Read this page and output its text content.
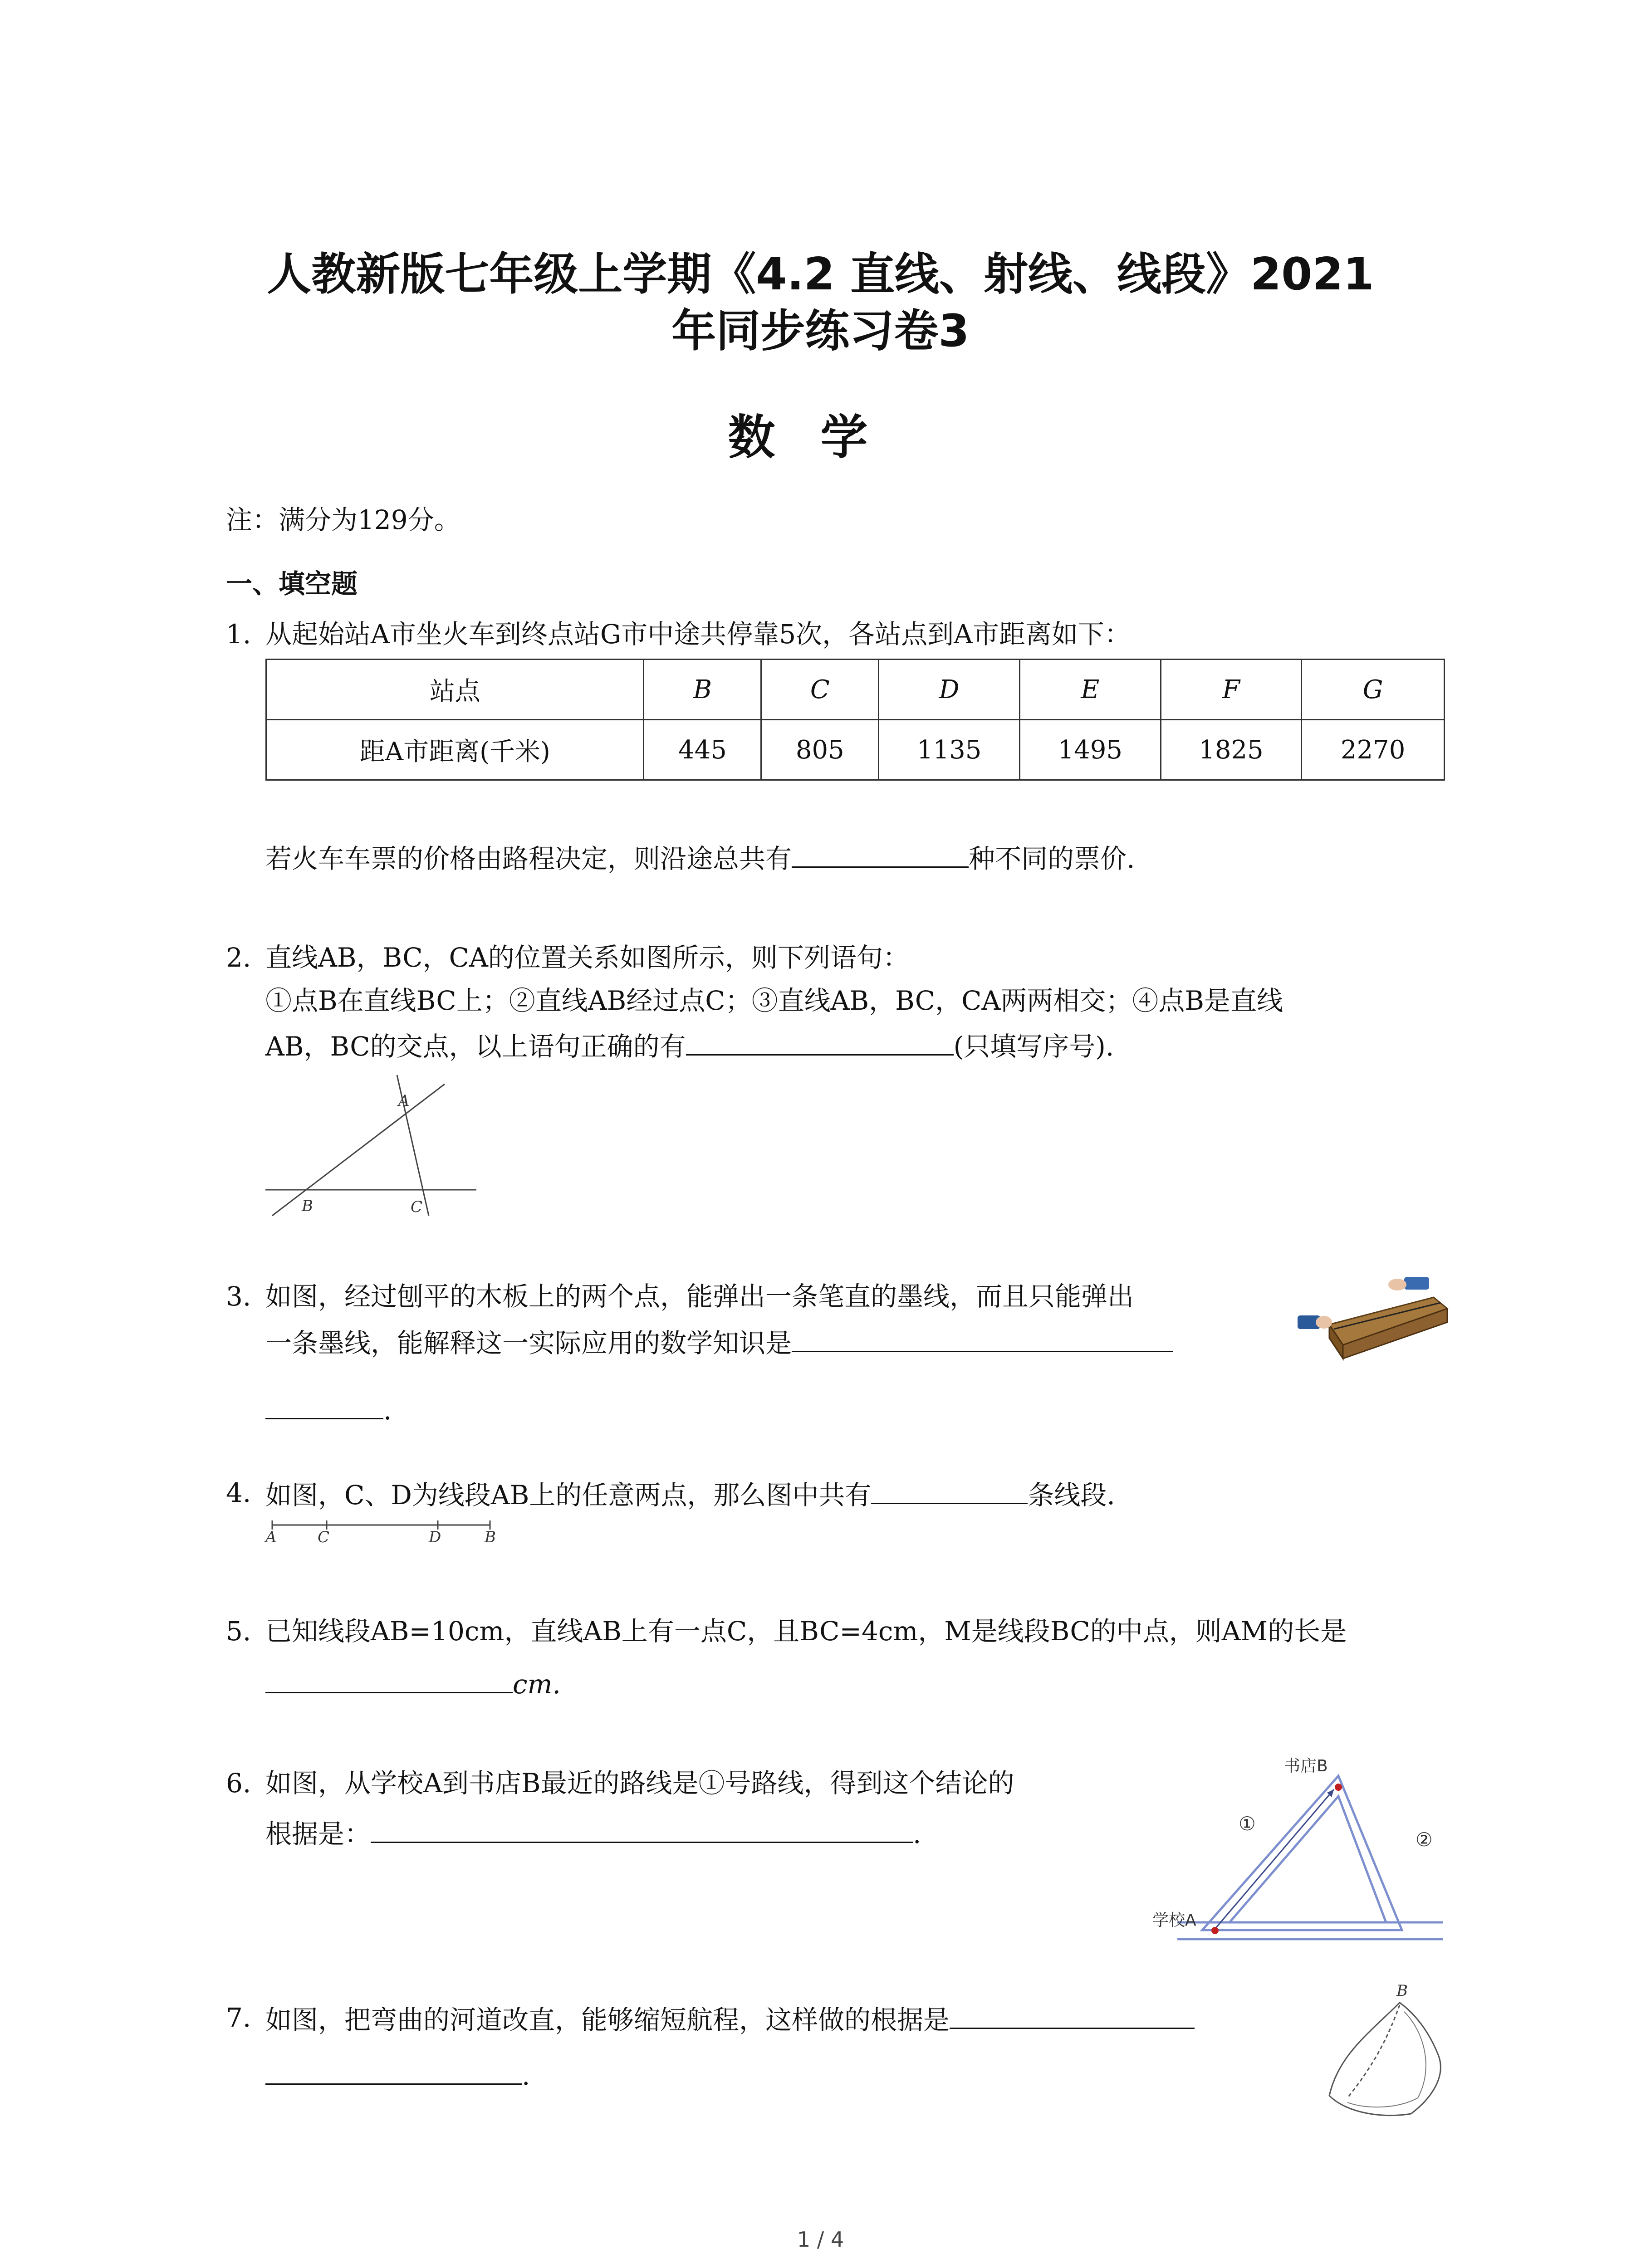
人教新版七年级上学期《4.2 直线、射线、线段》2021
年同步练习卷3
数学
注：满分为129分。
一、填空题
1. 从起始站A市坐火车到终点站G市中途共停靠5次，各站点到A市距离如下：
站点	B	C	D	E	F	G
距A市距离(千米)	445	805	1135	1495	1825	2270
若火车车票的价格由路程决定，则沿途总共有	种不同的票价.
2. 直线AB，BC，CA的位置关系如图所示，则下列语句：
①点B在直线BC上；②直线AB经过点C；③直线AB，BC，CA两两相交；④点B是直线
AB，BC的交点，以上语句正确的有	(只填写序号).
A
B	C
3. 如图，经过刨平的木板上的两个点，能弹出一条笔直的墨线，而且只能弹出
一条墨线，能解释这一实际应用的数学知识是
.
4. 如图，C、D为线段AB上的任意两点，那么图中共有	条线段.
A	C	D	B
5. 已知线段AB=10cm，直线AB上有一点C，且BC=4cm，M是线段BC的中点，则AM的长是
cm.
6. 如图，从学校A到书店B最近的路线是①号路线，得到这个结论的
根据是：	.
书店B
学校A
①
②
7. 如图，把弯曲的河道改直，能够缩短航程，这样做的根据是
.
B
1 / 4
